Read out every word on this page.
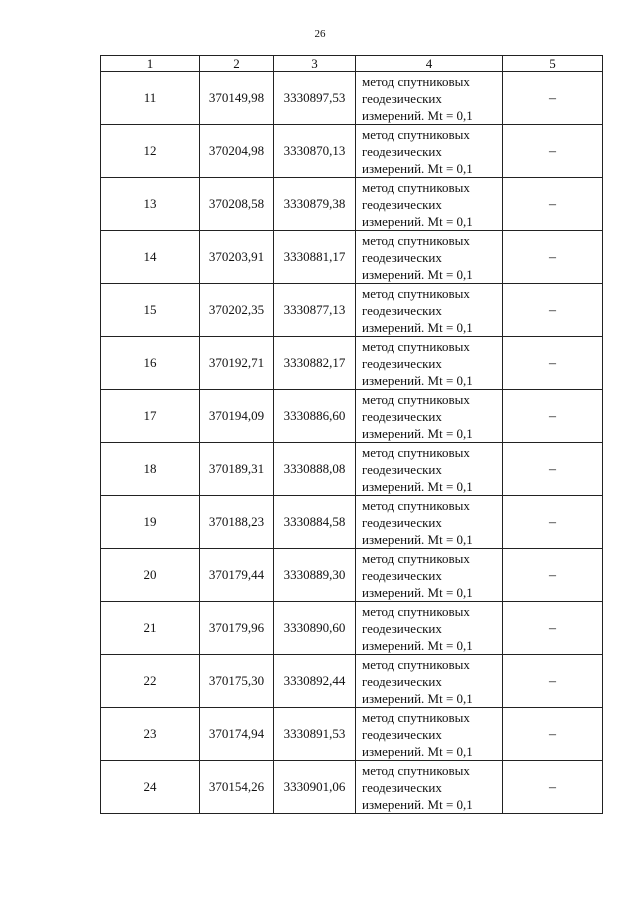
26
1	2	3	4	5
11	370149,98	3330897,53	метод спутниковых
геодезических
измерений. Mt = 0,1	–
12	370204,98	3330870,13	метод спутниковых
геодезических
измерений. Mt = 0,1	–
13	370208,58	3330879,38	метод спутниковых
геодезических
измерений. Mt = 0,1	–
14	370203,91	3330881,17	метод спутниковых
геодезических
измерений. Mt = 0,1	–
15	370202,35	3330877,13	метод спутниковых
геодезических
измерений. Mt = 0,1	–
16	370192,71	3330882,17	метод спутниковых
геодезических
измерений. Mt = 0,1	–
17	370194,09	3330886,60	метод спутниковых
геодезических
измерений. Mt = 0,1	–
18	370189,31	3330888,08	метод спутниковых
геодезических
измерений. Mt = 0,1	–
19	370188,23	3330884,58	метод спутниковых
геодезических
измерений. Mt = 0,1	–
20	370179,44	3330889,30	метод спутниковых
геодезических
измерений. Mt = 0,1	–
21	370179,96	3330890,60	метод спутниковых
геодезических
измерений. Mt = 0,1	–
22	370175,30	3330892,44	метод спутниковых
геодезических
измерений. Mt = 0,1	–
23	370174,94	3330891,53	метод спутниковых
геодезических
измерений. Mt = 0,1	–
24	370154,26	3330901,06	метод спутниковых
геодезических
измерений. Mt = 0,1	–
